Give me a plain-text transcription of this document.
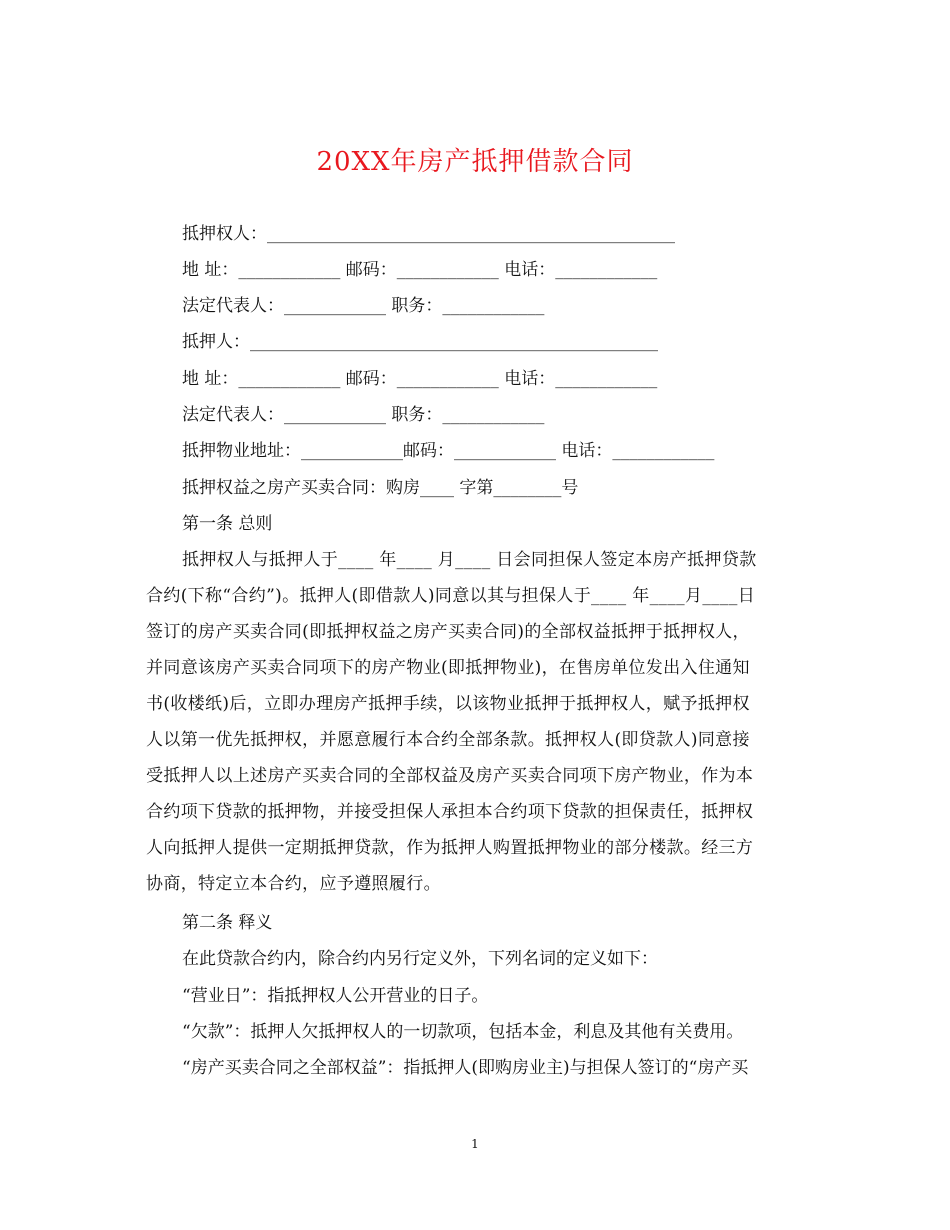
20XX年房产抵押借款合同
抵押权人：________________________________________________
地 址：____________ 邮码：____________ 电话：____________
法定代表人：____________ 职务：____________
抵押人：________________________________________________
地 址：____________ 邮码：____________ 电话：____________
法定代表人：____________ 职务：____________
抵押物业地址：____________邮码：____________ 电话：____________
抵押权益之房产买卖合同：购房____ 字第________号
第一条 总则
抵押权人与抵押人于____ 年____ 月____ 日会同担保人签定本房产抵押贷款
合约(下称“合约”)。抵押人(即借款人)同意以其与担保人于____ 年____月____日
签订的房产买卖合同(即抵押权益之房产买卖合同)的全部权益抵押于抵押权人，
并同意该房产买卖合同项下的房产物业(即抵押物业)，在售房单位发出入住通知
书(收楼纸)后，立即办理房产抵押手续，以该物业抵押于抵押权人，赋予抵押权
人以第一优先抵押权，并愿意履行本合约全部条款。抵押权人(即贷款人)同意接
受抵押人以上述房产买卖合同的全部权益及房产买卖合同项下房产物业，作为本
合约项下贷款的抵押物，并接受担保人承担本合约项下贷款的担保责任，抵押权
人向抵押人提供一定期抵押贷款，作为抵押人购置抵押物业的部分楼款。经三方
协商，特定立本合约，应予遵照履行。
第二条 释义
在此贷款合约内，除合约内另行定义外，下列名词的定义如下：
“营业日”：指抵押权人公开营业的日子。
“欠款”：抵押人欠抵押权人的一切款项，包括本金，利息及其他有关费用。
“房产买卖合同之全部权益”：指抵押人(即购房业主)与担保人签订的“房产买
1
